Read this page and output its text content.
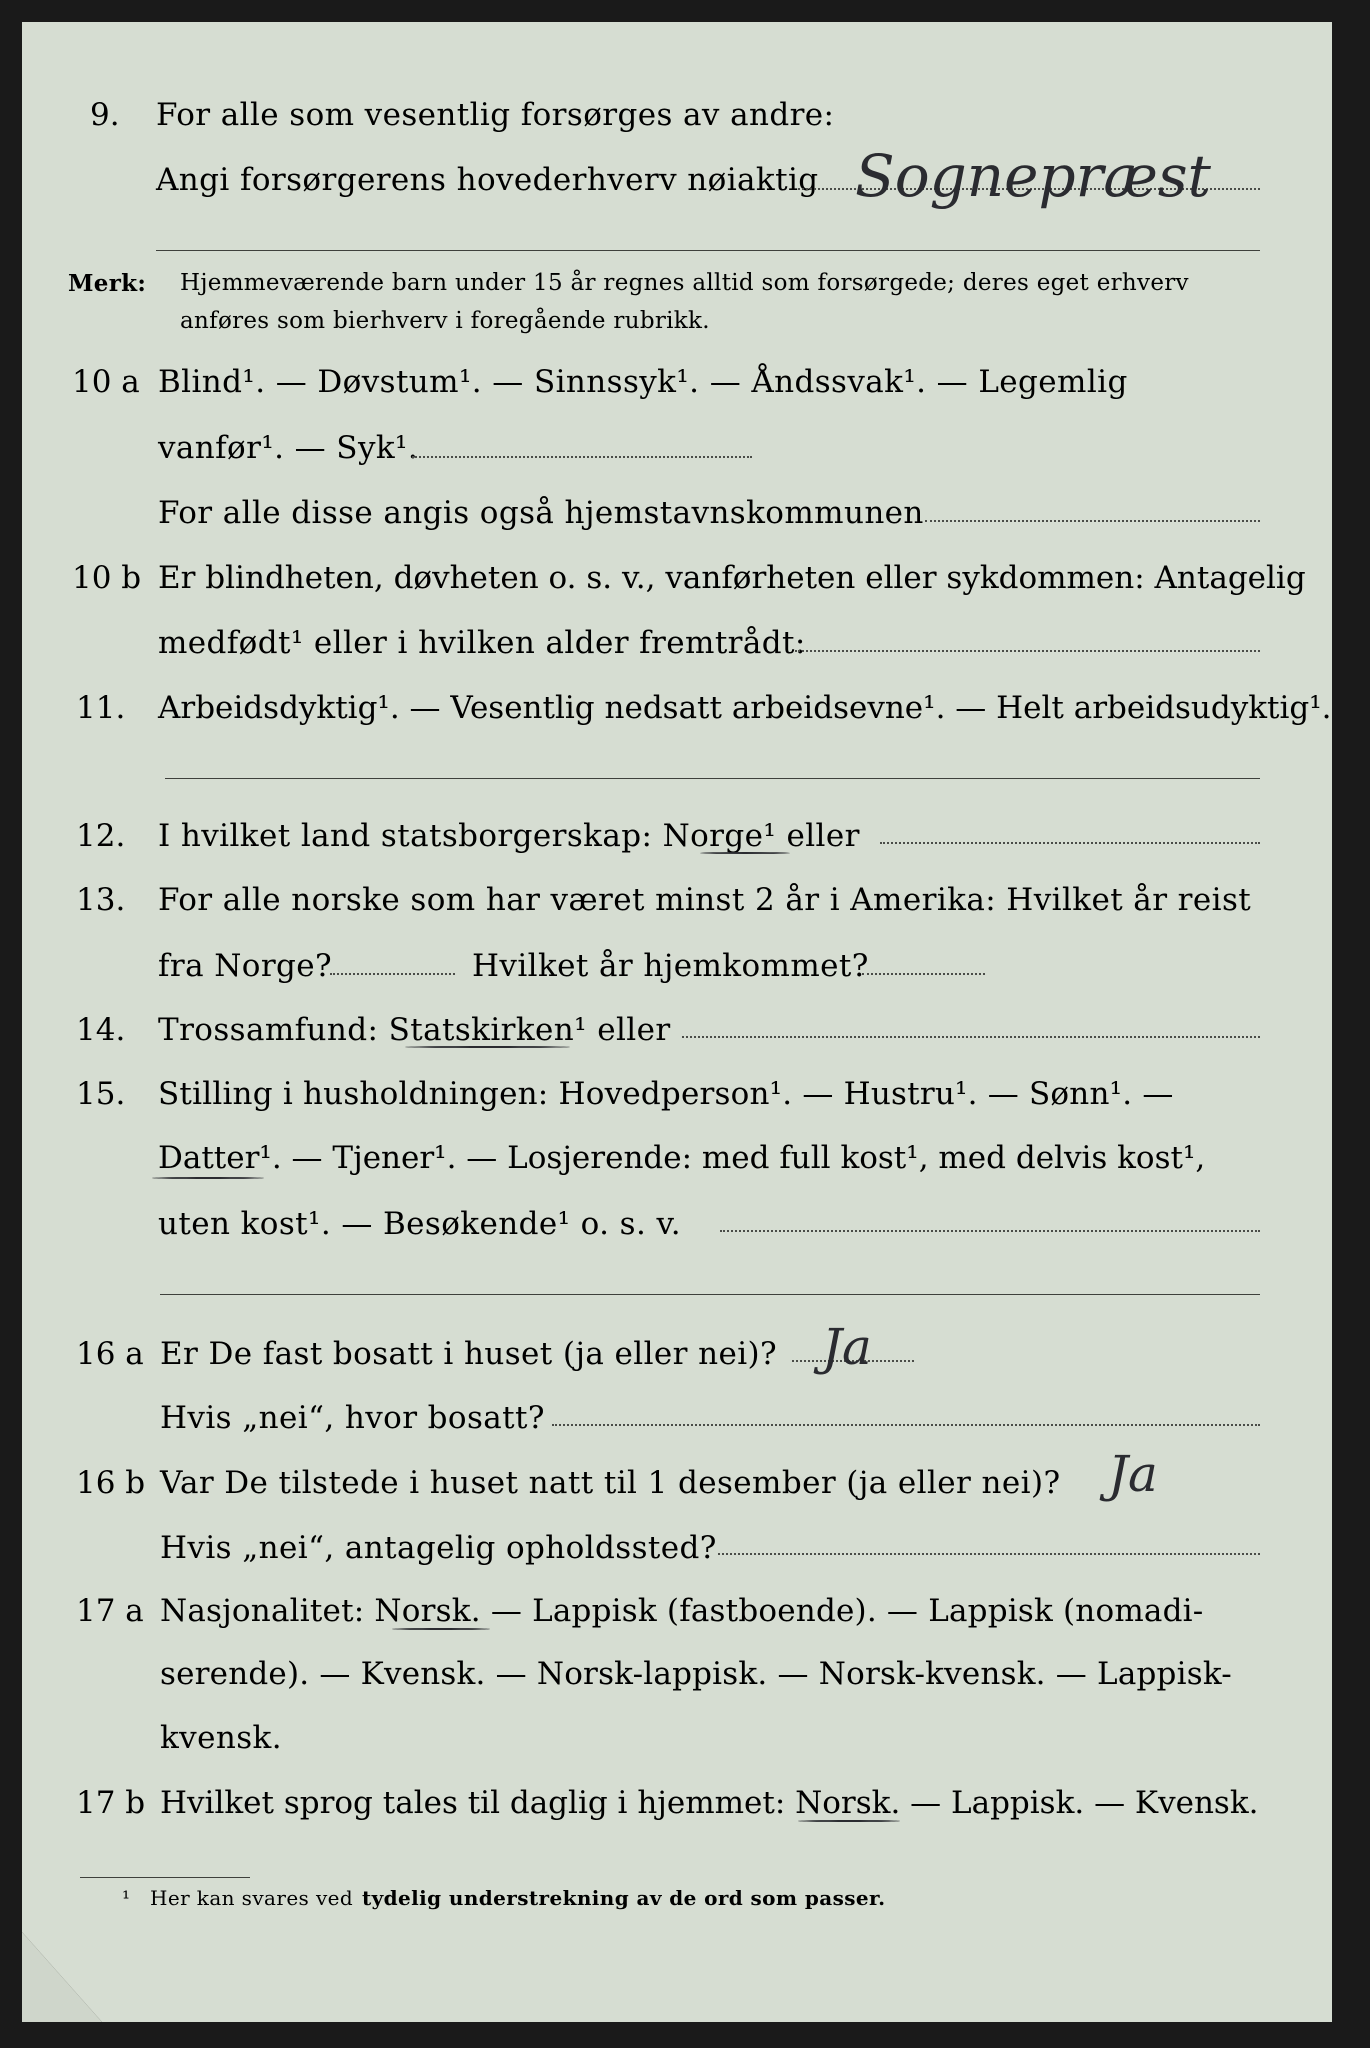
9. For alle som vesentlig forsørges av andre:
Angi forsørgerens hovederhverv nøiaktig Sognepræst
Merk: Hjemmeværende barn under 15 år regnes alltid som forsørgede; deres eget erhverv
anføres som bierhverv i foregående rubrikk.
10 a Blind¹. — Døvstum¹. — Sinnssyk¹. — Åndssvak¹. — Legemlig
vanfør¹. — Syk¹.
For alle disse angis også hjemstavnskommunen
10 b Er blindheten, døvheten o. s. v., vanførheten eller sykdommen: Antagelig
medfødt¹ eller i hvilken alder fremtrådt:
11. Arbeidsdyktig¹. — Vesentlig nedsatt arbeidsevne¹. — Helt arbeidsudyktig¹.
12. I hvilket land statsborgerskap: Norge¹ eller
13. For alle norske som har været minst 2 år i Amerika: Hvilket år reist
fra Norge?	Hvilket år hjemkommet?
14. Trossamfund: Statskirken¹ eller
15. Stilling i husholdningen: Hovedperson¹. — Hustru¹. — Sønn¹. —
Datter¹. — Tjener¹. — Losjerende: med full kost¹, med delvis kost¹,
uten kost¹. — Besøkende¹ o. s. v.
16 a Er De fast bosatt i huset (ja eller nei)? Ja
Hvis „nei“, hvor bosatt?
16 b Var De tilstede i huset natt til 1 desember (ja eller nei)? Ja
Hvis „nei“, antagelig opholdssted?
17 a Nasjonalitet: Norsk. — Lappisk (fastboende). — Lappisk (nomadi-
serende). — Kvensk. — Norsk-lappisk. — Norsk-kvensk. — Lappisk-
kvensk.
17 b Hvilket sprog tales til daglig i hjemmet: Norsk. — Lappisk. — Kvensk.
¹ Her kan svares ved tydelig understrekning av de ord som passer.
